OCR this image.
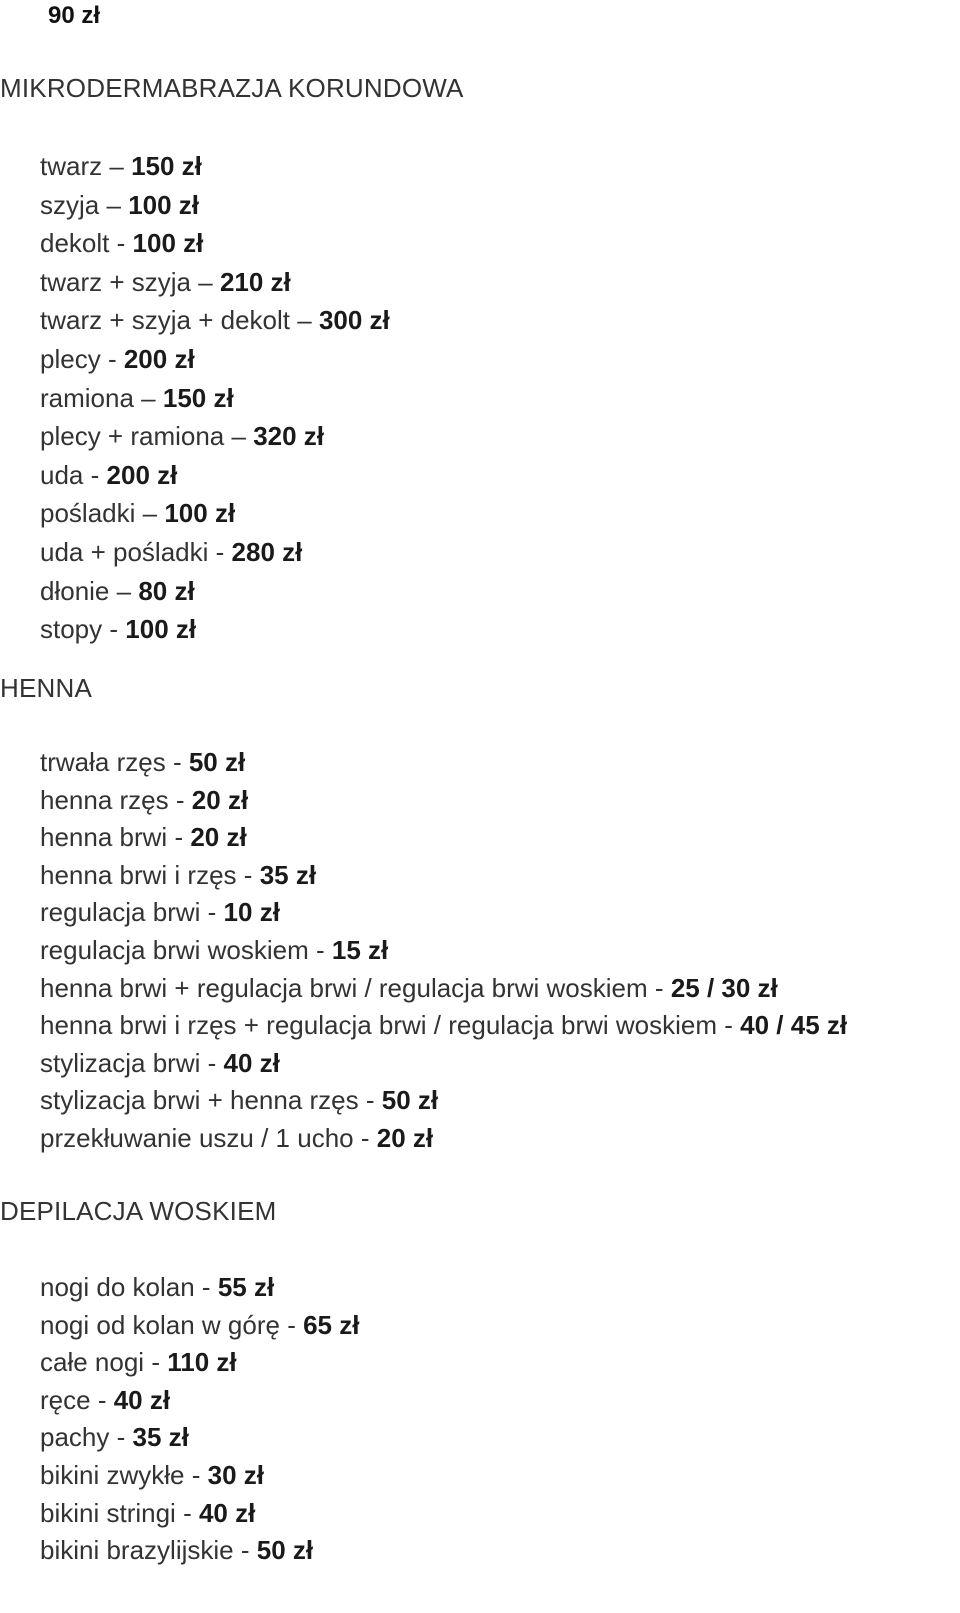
90 zł
MIKRODERMABRAZJA KORUNDOWA
twarz – 150 zł
szyja – 100 zł
dekolt - 100 zł
twarz + szyja – 210 zł
twarz + szyja + dekolt – 300 zł
plecy - 200 zł
ramiona – 150 zł
plecy + ramiona – 320 zł
uda - 200 zł
pośladki – 100 zł
uda + pośladki - 280 zł
dłonie – 80 zł
stopy - 100 zł
HENNA
trwała rzęs - 50 zł
henna rzęs - 20 zł
henna brwi - 20 zł
henna brwi i rzęs - 35 zł
regulacja brwi - 10 zł
regulacja brwi woskiem - 15 zł
henna brwi + regulacja brwi / regulacja brwi woskiem - 25 / 30 zł
henna brwi i rzęs + regulacja brwi / regulacja brwi woskiem - 40 / 45 zł
stylizacja brwi - 40 zł
stylizacja brwi + henna rzęs - 50 zł
przekłuwanie uszu / 1 ucho - 20 zł
DEPILACJA WOSKIEM
nogi do kolan - 55 zł
nogi od kolan w górę - 65 zł
całe nogi - 110 zł
ręce - 40 zł
pachy - 35 zł
bikini zwykłe - 30 zł
bikini stringi - 40 zł
bikini brazylijskie - 50 zł
